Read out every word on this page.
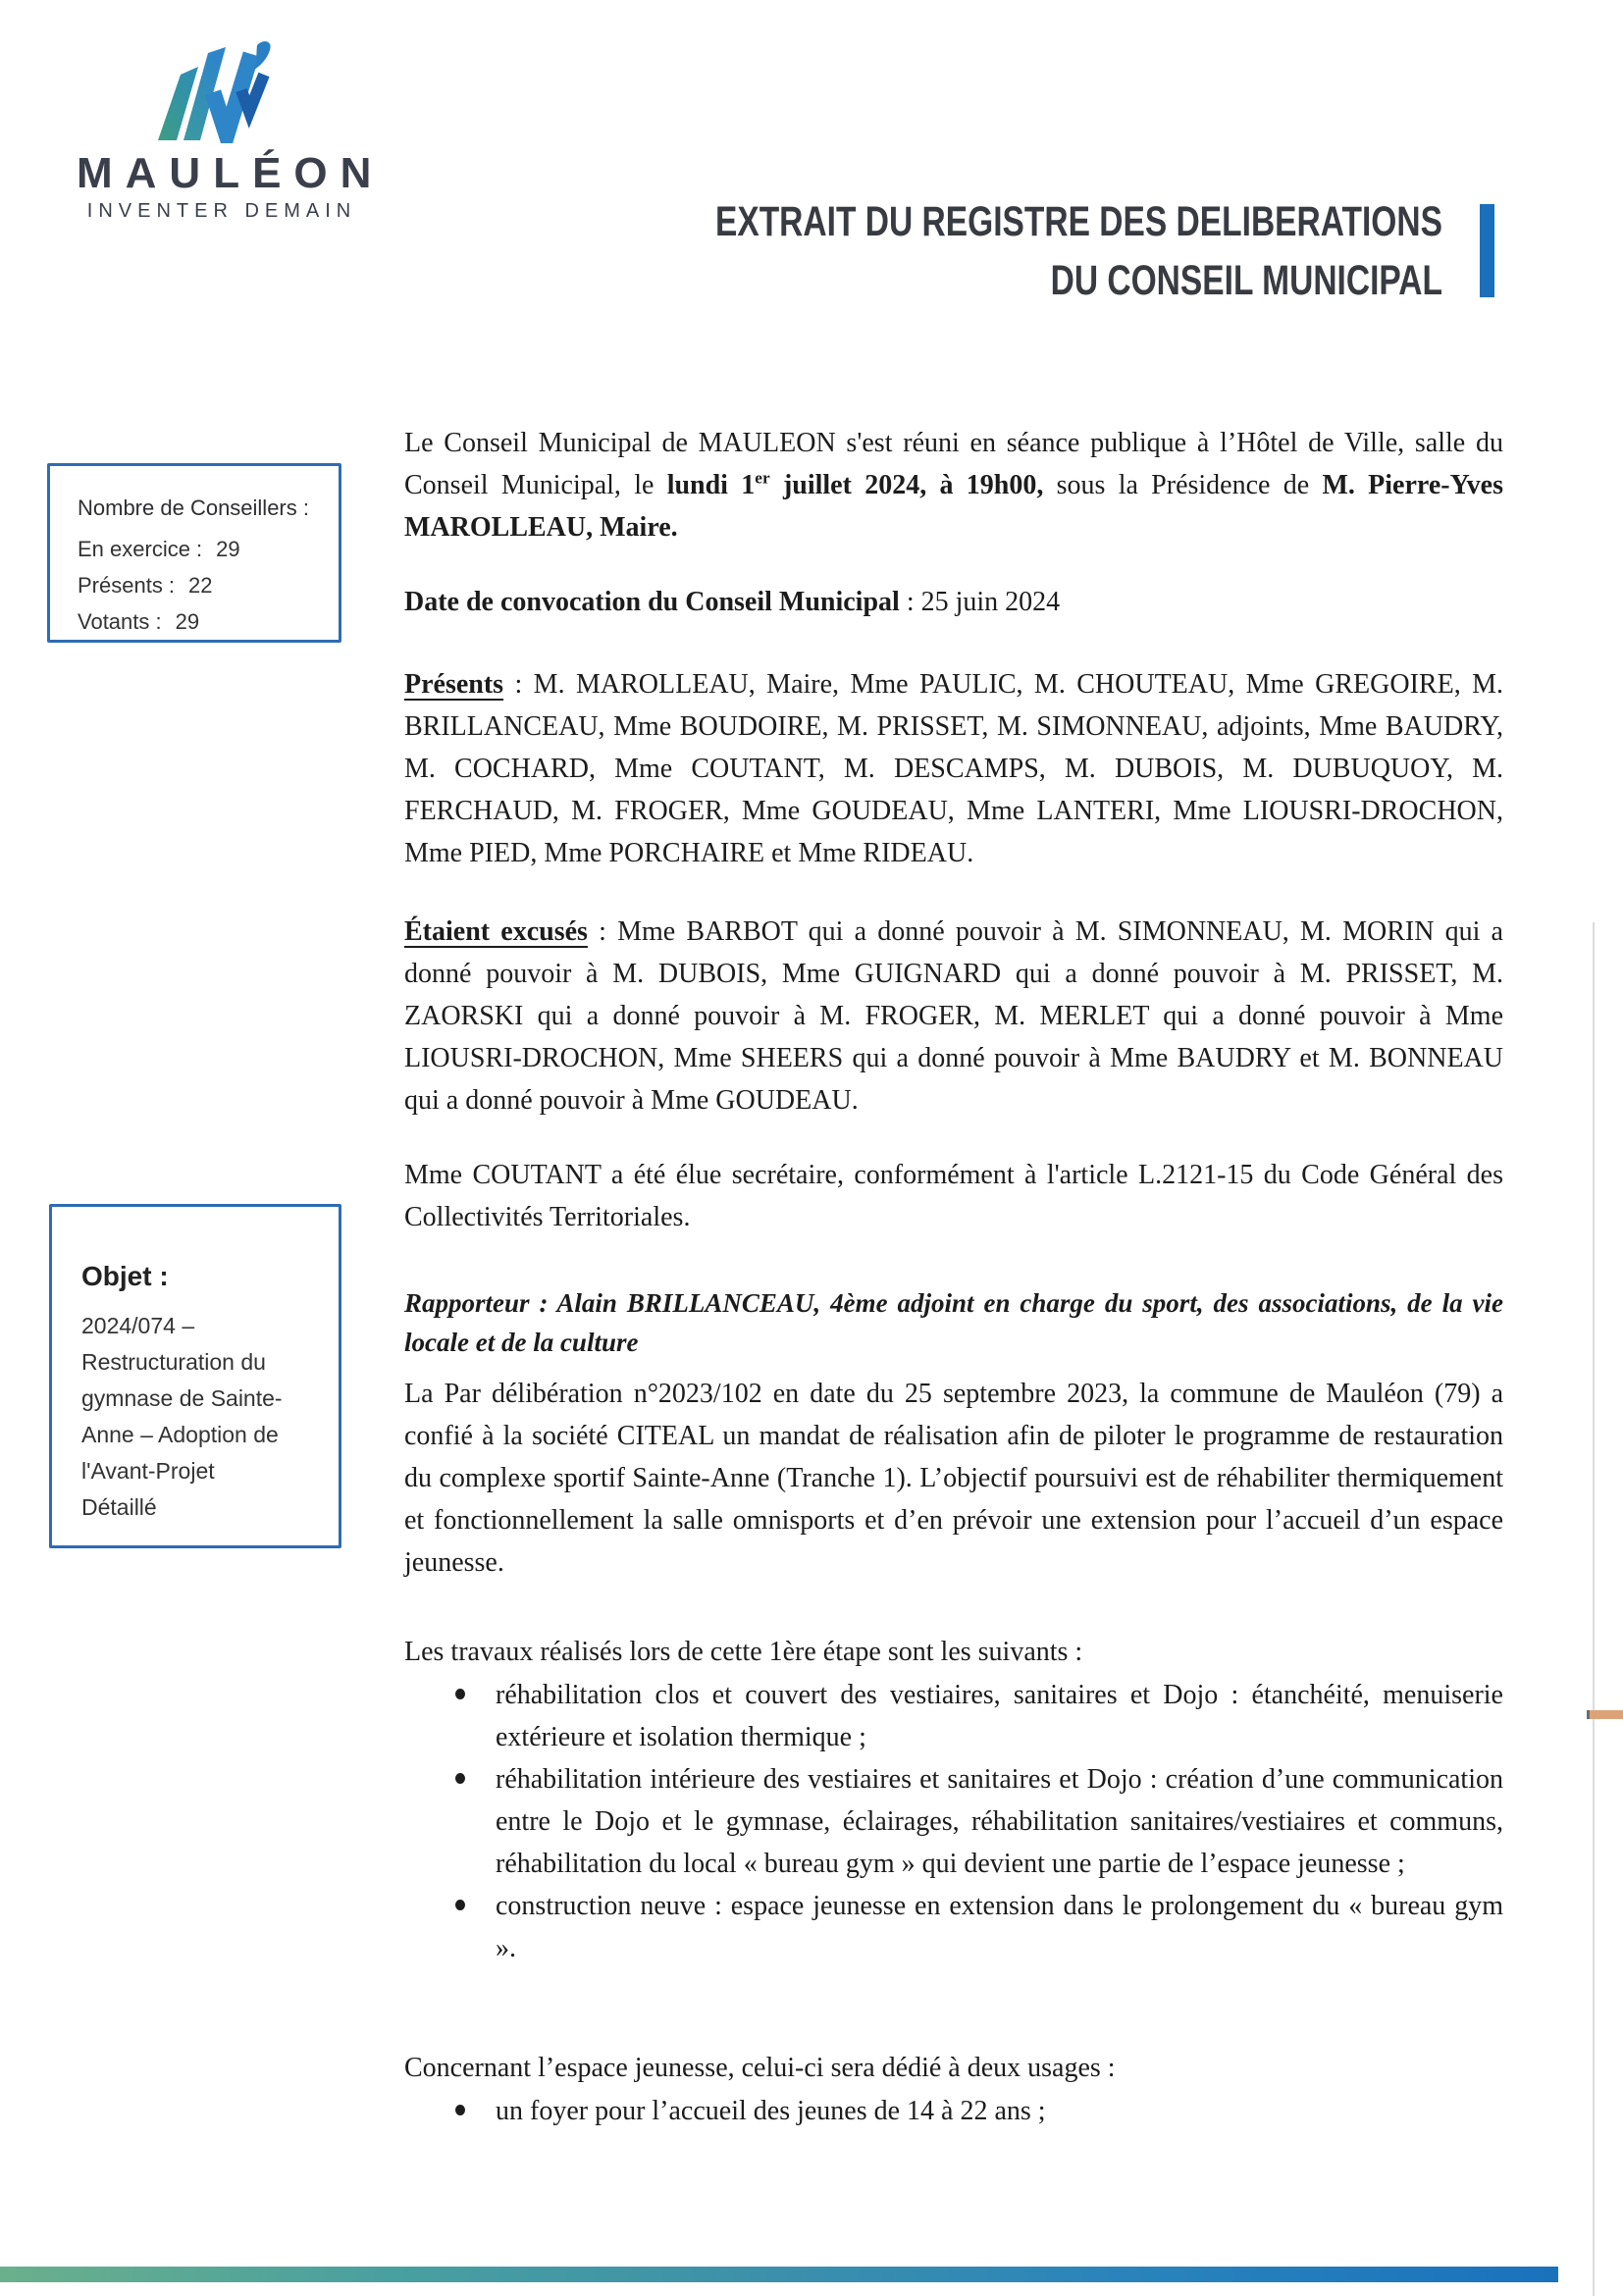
MAULÉON
INVENTER DEMAIN	EXTRAIT DU REGISTRE DES DELIBERATIONS
DU CONSEIL MUNICIPAL
Nombre de Conseillers :
En exercice : 29
Présents : 22
Votants : 29
Objet :
2024/074 – Restructuration du gymnase de Sainte-Anne – Adoption de l'Avant-Projet Détaillé
Le Conseil Municipal de MAULEON s'est réuni en séance publique à l’Hôtel de Ville, salle du Conseil Municipal, le lundi 1er juillet 2024, à 19h00, sous la Présidence de M. Pierre-Yves MAROLLEAU, Maire.
Date de convocation du Conseil Municipal : 25 juin 2024
Présents : M. MAROLLEAU, Maire, Mme PAULIC, M. CHOUTEAU, Mme GREGOIRE, M. BRILLANCEAU, Mme BOUDOIRE, M. PRISSET, M. SIMONNEAU, adjoints, Mme BAUDRY, M. COCHARD, Mme COUTANT, M. DESCAMPS, M. DUBOIS, M. DUBUQUOY, M. FERCHAUD, M. FROGER, Mme GOUDEAU, Mme LANTERI, Mme LIOUSRI-DROCHON, Mme PIED, Mme PORCHAIRE et Mme RIDEAU.
Étaient excusés : Mme BARBOT qui a donné pouvoir à M. SIMONNEAU, M. MORIN qui a donné pouvoir à M. DUBOIS, Mme GUIGNARD qui a donné pouvoir à M. PRISSET, M. ZAORSKI qui a donné pouvoir à M. FROGER, M. MERLET qui a donné pouvoir à Mme LIOUSRI-DROCHON, Mme SHEERS qui a donné pouvoir à Mme BAUDRY et M. BONNEAU qui a donné pouvoir à Mme GOUDEAU.
Mme COUTANT a été élue secrétaire, conformément à l'article L.2121-15 du Code Général des Collectivités Territoriales.
Rapporteur : Alain BRILLANCEAU, 4ème adjoint en charge du sport, des associations, de la vie locale et de la culture
La Par délibération n°2023/102 en date du 25 septembre 2023, la commune de Mauléon (79) a confié à la société CITEAL un mandat de réalisation afin de piloter le programme de restauration du complexe sportif Sainte-Anne (Tranche 1). L’objectif poursuivi est de réhabiliter thermiquement et fonctionnellement la salle omnisports et d’en prévoir une extension pour l’accueil d’un espace jeunesse.
Les travaux réalisés lors de cette 1ère étape sont les suivants :
réhabilitation clos et couvert des vestiaires, sanitaires et Dojo : étanchéité, menuiserie extérieure et isolation thermique ;
réhabilitation intérieure des vestiaires et sanitaires et Dojo : création d’une communication entre le Dojo et le gymnase, éclairages, réhabilitation sanitaires/vestiaires et communs, réhabilitation du local « bureau gym » qui devient une partie de l’espace jeunesse ;
construction neuve : espace jeunesse en extension dans le prolongement du « bureau gym ».
Concernant l’espace jeunesse, celui-ci sera dédié à deux usages :
un foyer pour l’accueil des jeunes de 14 à 22 ans ;
